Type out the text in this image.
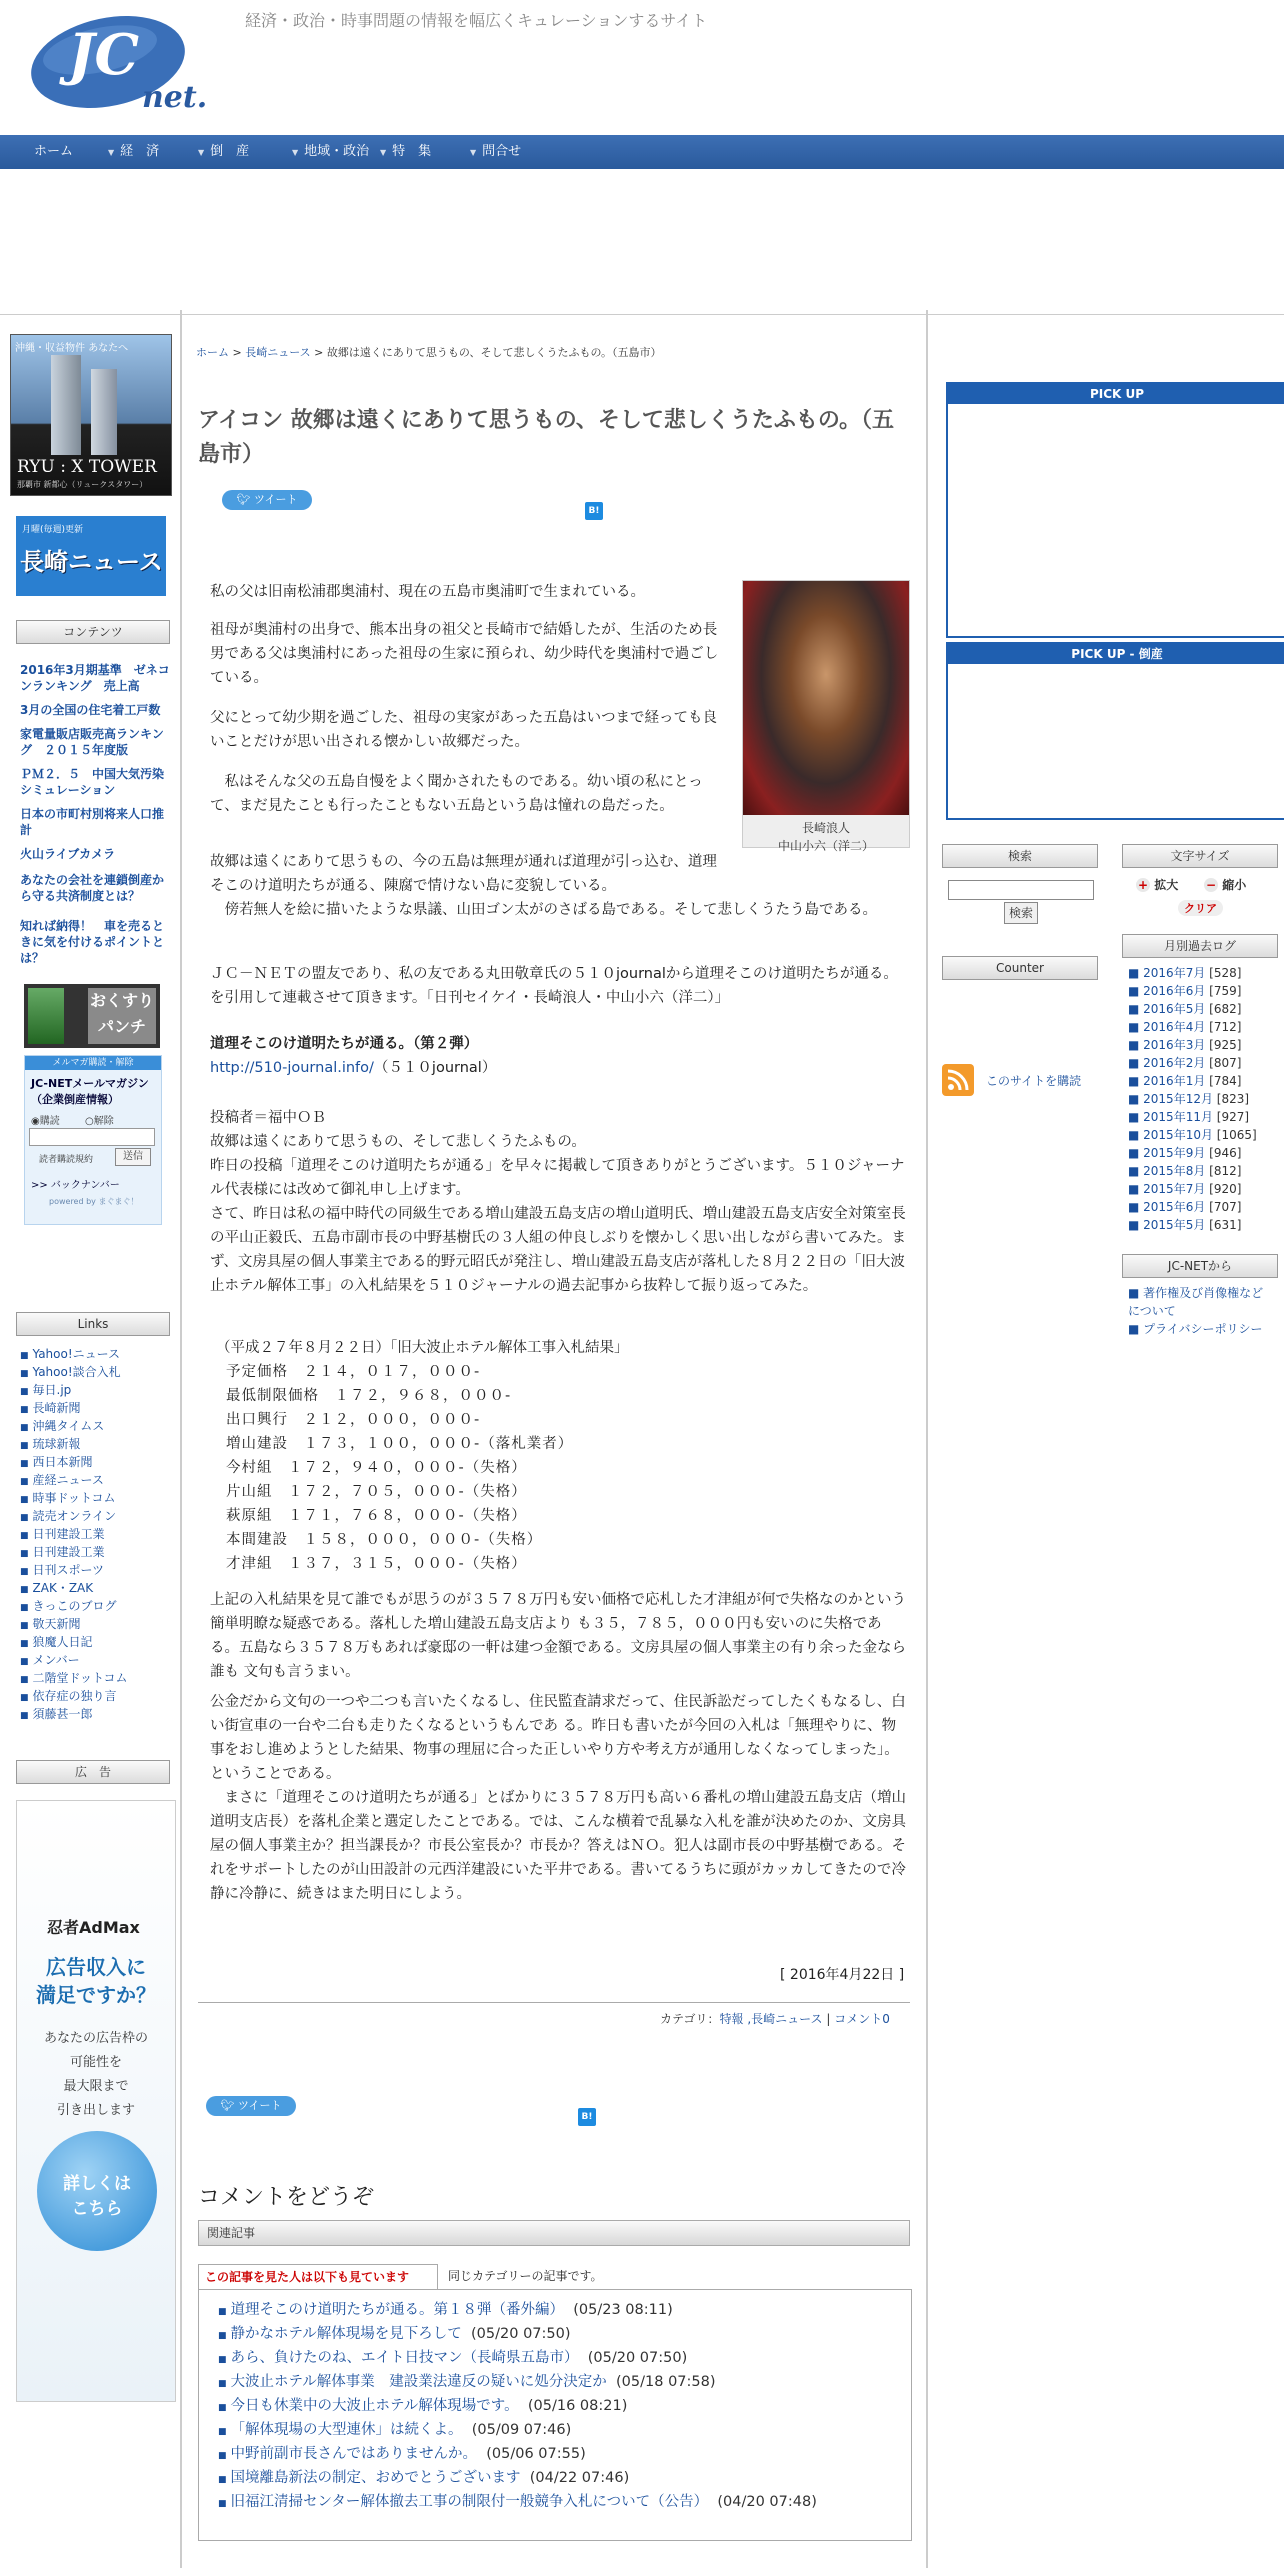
JC
net.
経済・政治・時事問題の情報を幅広くキュレーションするサイト
ホーム	▼ 経　済	▼ 倒　産	▼ 地域・政治 ▼ 特　集	▼ 問合せ
沖縄・収益物件 あなたへ
RYU : X TOWER
那覇市 新都心（リュークスタワー）
月曜(毎週)更新
長崎ニュース
コンテンツ
2016年3月期基準　ゼネコンランキング　売上高
3月の全国の住宅着工戸数
家電量販店販売高ランキング　２０１５年度版
ＰＭ２．５　中国大気汚染シミュレーション
日本の市町村別将来人口推計
火山ライブカメラ
あなたの会社を連鎖倒産から守る共済制度とは？
知れば納得！　車を売るときに気を付けるポイントとは？
おくすり
パンチ
メルマガ購読・解除
JC-NETメールマガジン（企業倒産情報）
◉購読	○解除
読者購読規約	送信
>> バックナンバー
powered by まぐまぐ！
Links
■ Yahoo!ニュース
■ Yahoo!談合入札
■ 毎日.jp
■ 長崎新聞
■ 沖縄タイムス
■ 琉球新報
■ 西日本新聞
■ 産経ニュース
■ 時事ドットコム
■ 読売オンライン
■ 日刊建設工業
■ 日刊建設工業
■ 日刊スポーツ
■ ZAK・ZAK
■ きっこのブログ
■ 敬天新聞
■ 狼魔人日記
■ メンバー
■ 二階堂ドットコム
■ 依存症の独り言
■ 須藤甚一郎
広　告
忍者AdMax
広告収入に
満足ですか？
あなたの広告枠の
可能性を
最大限まで
引き出します
詳しくは
こちら
ホーム > 長崎ニュース > 故郷は遠くにありて思うもの、そして悲しくうたふもの。（五島市）
アイコン 故郷は遠くにありて思うもの、そして悲しくうたふもの。（五島市）
🐦︎ ツイート
B!
長崎浪人
中山小六（洋二）
私の父は旧南松浦郡奥浦村、現在の五島市奥浦町で生まれている。
祖母が奥浦村の出身で、熊本出身の祖父と長崎市で結婚したが、生活のため長男である父は奥浦村にあった祖母の生家に預られ、幼少時代を奥浦村で過ごしている。
父にとって幼少期を過ごした、祖母の実家があった五島はいつまで経っても良いことだけが思い出される懐かしい故郷だった。
　私はそんな父の五島自慢をよく聞かされたものである。幼い頃の私にとって、まだ見たことも行ったこともない五島という島は憧れの島だった。
故郷は遠くにありて思うもの、今の五島は無理が通れば道理が引っ込む、道理そこのけ道明たちが通る、陳腐で情けない島に変貌している。
　傍若無人を絵に描いたような県議、山田ゴン太がのさばる島である。そして悲しくうたう島である。
ＪＣ－ＮＥＴの盟友であり、私の友である丸田敬章氏の５１０journalから道理そこのけ道明たちが通る。を引用して連載させて頂きます。「日刊セイケイ・長崎浪人・中山小六（洋二）」
道理そこのけ道明たちが通る。（第２弾）
http://510-journal.info/（５１０journal）
投稿者＝福中ＯＢ
故郷は遠くにありて思うもの、そして悲しくうたふもの。
昨日の投稿「道理そこのけ道明たちが通る」を早々に掲載して頂きありがとうございます。５１０ジャーナル代表様には改めて御礼申し上げます。
さて、昨日は私の福中時代の同級生である増山建設五島支店の増山道明氏、増山建設五島支店安全対策室長の平山正毅氏、五島市副市長の中野基樹氏の３人組の仲良しぶりを懐かしく思い出しながら書いてみた。まず、文房具屋の個人事業主である的野元昭氏が発注し、増山建設五島支店が落札した８月２２日の「旧大波止ホテル解体工事」の入札結果を５１０ジャーナルの過去記事から抜粋して振り返ってみた。
（平成２７年８月２２日）「旧大波止ホテル解体工事入札結果」
予定価格　２１４，０１７，０００-
最低制限価格　１７２，９６８，０００-
出口興行　２１２，０００，０００-
増山建設　１７３，１００，０００-（落札業者）
今村組　１７２，９４０，０００-（失格）
片山組　１７２，７０５，０００-（失格）
萩原組　１７１，７６８，０００-（失格）
本間建設　１５８，０００，０００-（失格）
才津組　１３７，３１５，０００-（失格）
上記の入札結果を見て誰でもが思うのが３５７８万円も安い価格で応札した才津組が何で失格なのかという簡単明瞭な疑惑である。落札した増山建設五島支店より も３５，７８５，０００円も安いのに失格である。五島なら３５７８万もあれば豪邸の一軒は建つ金額である。文房具屋の個人事業主の有り余った金なら誰も 文句も言うまい。
公金だから文句の一つや二つも言いたくなるし、住民監査請求だって、住民訴訟だってしたくもなるし、白い街宣車の一台や二台も走りたくなるというもんであ る。昨日も書いたが今回の入札は「無理やりに、物事をおし進めようとした結果、物事の理屈に合った正しいやり方や考え方が通用しなくなってしまった」。ということである。
　まさに「道理そこのけ道明たちが通る」とばかりに３５７８万円も高い６番札の増山建設五島支店（増山道明支店長）を落札企業と選定したことである。では、こんな横着で乱暴な入札を誰が決めたのか、文房具屋の個人事業主か？担当課長か？市長公室長か？市長か？答えはＮＯ。犯人は副市長の中野基樹である。それをサポートしたのが山田設計の元西洋建設にいた平井である。書いてるうちに頭がカッカしてきたので冷静に冷静に、続きはまた明日にしよう。
[ 2016年4月22日 ]
カテゴリ：特報 ,長崎ニュース | コメント0
🐦︎ ツイート
B!
コメントをどうぞ
関連記事
この記事を見た人は以下も見ています	同じカテゴリーの記事です。
■ 道理そこのけ道明たちが通る。第１８弾（番外編） (05/23 08:11)
■ 静かなホテル解体現場を見下ろして (05/20 07:50)
■ あら、負けたのね、エイト日技マン（長崎県五島市） (05/20 07:50)
■ 大波止ホテル解体事業　建設業法違反の疑いに処分決定か (05/18 07:58)
■ 今日も休業中の大波止ホテル解体現場です。 (05/16 08:21)
■ 「解体現場の大型連休」は続くよ。 (05/09 07:46)
■ 中野前副市長さんではありませんか。 (05/06 07:55)
■ 国境離島新法の制定、おめでとうございます (04/22 07:46)
■ 旧福江清掃センター解体撤去工事の制限付一般競争入札について（公告） (04/20 07:48)
PICK UP
PICK UP - 倒産
検索
検索
文字サイズ
+ 拡大 − 縮小
クリア
Counter
月別過去ログ
■ 2016年7月 [528]
■ 2016年6月 [759]
■ 2016年5月 [682]
■ 2016年4月 [712]
■ 2016年3月 [925]
■ 2016年2月 [807]
■ 2016年1月 [784]
■ 2015年12月 [823]
■ 2015年11月 [927]
■ 2015年10月 [1065]
■ 2015年9月 [946]
■ 2015年8月 [812]
■ 2015年7月 [920]
■ 2015年6月 [707]
■ 2015年5月 [631]
このサイトを購読
JC-NETから
■ 著作権及び肖像権などについて
■ プライバシーポリシー
